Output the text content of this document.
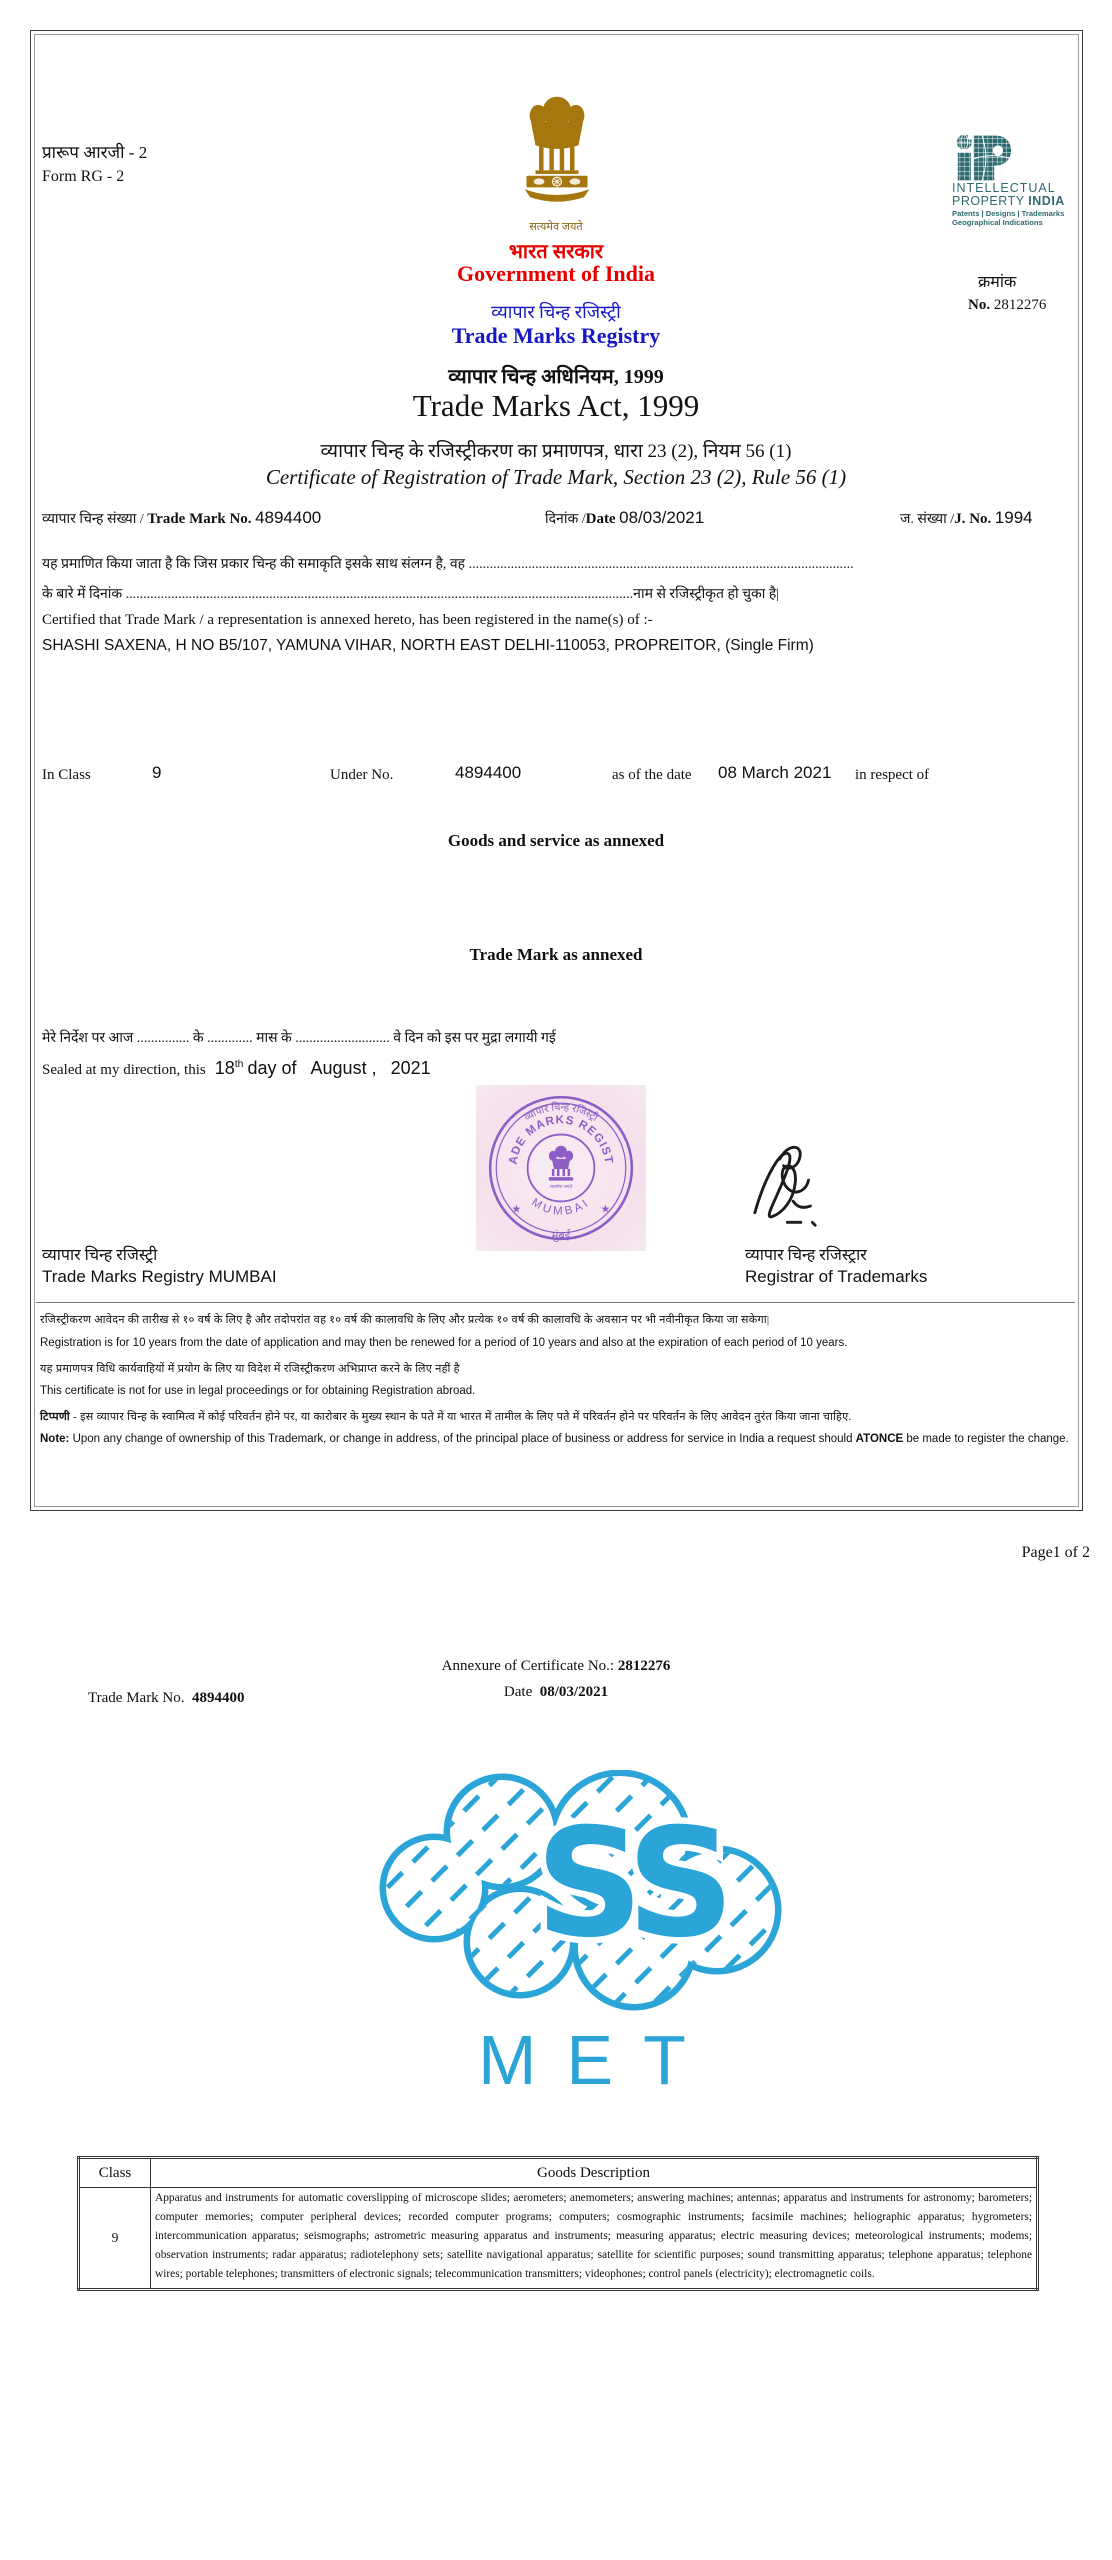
प्रारूप आरजी - 2
Form RG - 2
सत्यमेव जयते
INTELLECTUAL
PROPERTY INDIA
Patents | Designs | Trademarks
Geographical Indications
क्रमांक
No. 2812276
भारत सरकार
Government of India
व्यापार चिन्ह रजिस्ट्री
Trade Marks Registry
व्यापार चिन्ह अधिनियम, 1999
Trade Marks Act, 1999
व्यापार चिन्ह के रजिस्ट्रीकरण का प्रमाणपत्र, धारा 23 (2), नियम 56 (1)
Certificate of Registration of Trade Mark, Section 23 (2), Rule 56 (1)
व्यापार चिन्ह संख्या / Trade Mark No. 4894400	दिनांक /Date 08/03/2021	ज. संख्या /J. No. 1994
यह प्रमाणित किया जाता है कि जिस प्रकार चिन्ह की समाकृति इसके साथ संलग्न है, वह ..............................................................................................................
के बारे में दिनांक .................................................................................................................................................नाम से रजिस्ट्रीकृत हो चुका है|
Certified that Trade Mark / a representation is annexed hereto, has been registered in the name(s) of :-
SHASHI SAXENA, H NO B5/107, YAMUNA VIHAR, NORTH EAST DELHI-110053, PROPREITOR, (Single Firm)
In Class	9	Under No.	4894400	as of the date 08 March 2021 in respect of
Goods and service as annexed
Trade Mark as annexed
मेरे निर्देश पर आज ............... के ............. मास के ........................... वे दिन को इस पर मुद्रा लगायी गई
Sealed at my direction, this 18th day of August , 2021
व्यापार चिन्ह रजिस्ट्री
ADE MARKS REGIST
MUMBAI
★	★
मुंबई
सत्यमेव जयते
व्यापार चिन्ह रजिस्ट्री
Trade Marks Registry MUMBAI
व्यापार चिन्ह रजिस्ट्रार
Registrar of Trademarks
रजिस्ट्रीकरण आवेदन की तारीख से १० वर्ष के लिए है और तदोपरांत वह १० वर्ष की कालावधि के लिए और प्रत्येक १० वर्ष की कालावधि के अवसान पर भी नवीनीकृत किया जा सकेगा|
Registration is for 10 years from the date of application and may then be renewed for a period of 10 years and also at the expiration of each period of 10 years.
यह प्रमाणपत्र विधि कार्यवाहियों में प्रयोग के लिए या विदेश में रजिस्ट्रीकरण अभिप्राप्त करने के लिए नहीं है
This certificate is not for use in legal proceedings or for obtaining Registration abroad.
टिप्पणी - इस व्यापार चिन्ह के स्वामित्व में कोई परिवर्तन होने पर, या कारोबार के मुख्य स्थान के पते में या भारत में तामील के लिए पते में परिवर्तन होने पर परिवर्तन के लिए आवेदन तुरंत किया जाना चाहिए.
Note: Upon any change of ownership of this Trademark, or change in address, of the principal place of business or address for service in India a request should ATONCE be made to register the change.
Page1 of 2
Annexure of Certificate No.: 2812276
Date 08/03/2021
Trade Mark No. 4894400
SS
MET
Class	Goods Description
9	Apparatus and instruments for automatic coverslipping of microscope slides; aerometers; anemometers; answering machines; antennas; apparatus and instruments for astronomy; barometers; computer memories; computer peripheral devices; recorded computer programs; computers; cosmographic instruments; facsimile machines; heliographic apparatus; hygrometers; intercommunication apparatus; seismographs; astrometric measuring apparatus and instruments; measuring apparatus; electric measuring devices; meteorological instruments; modems; observation instruments; radar apparatus; radiotelephony sets; satellite navigational apparatus; satellite for scientific purposes; sound transmitting apparatus; telephone apparatus; telephone wires; portable telephones; transmitters of electronic signals; telecommunication transmitters; videophones; control panels (electricity); electromagnetic coils.
